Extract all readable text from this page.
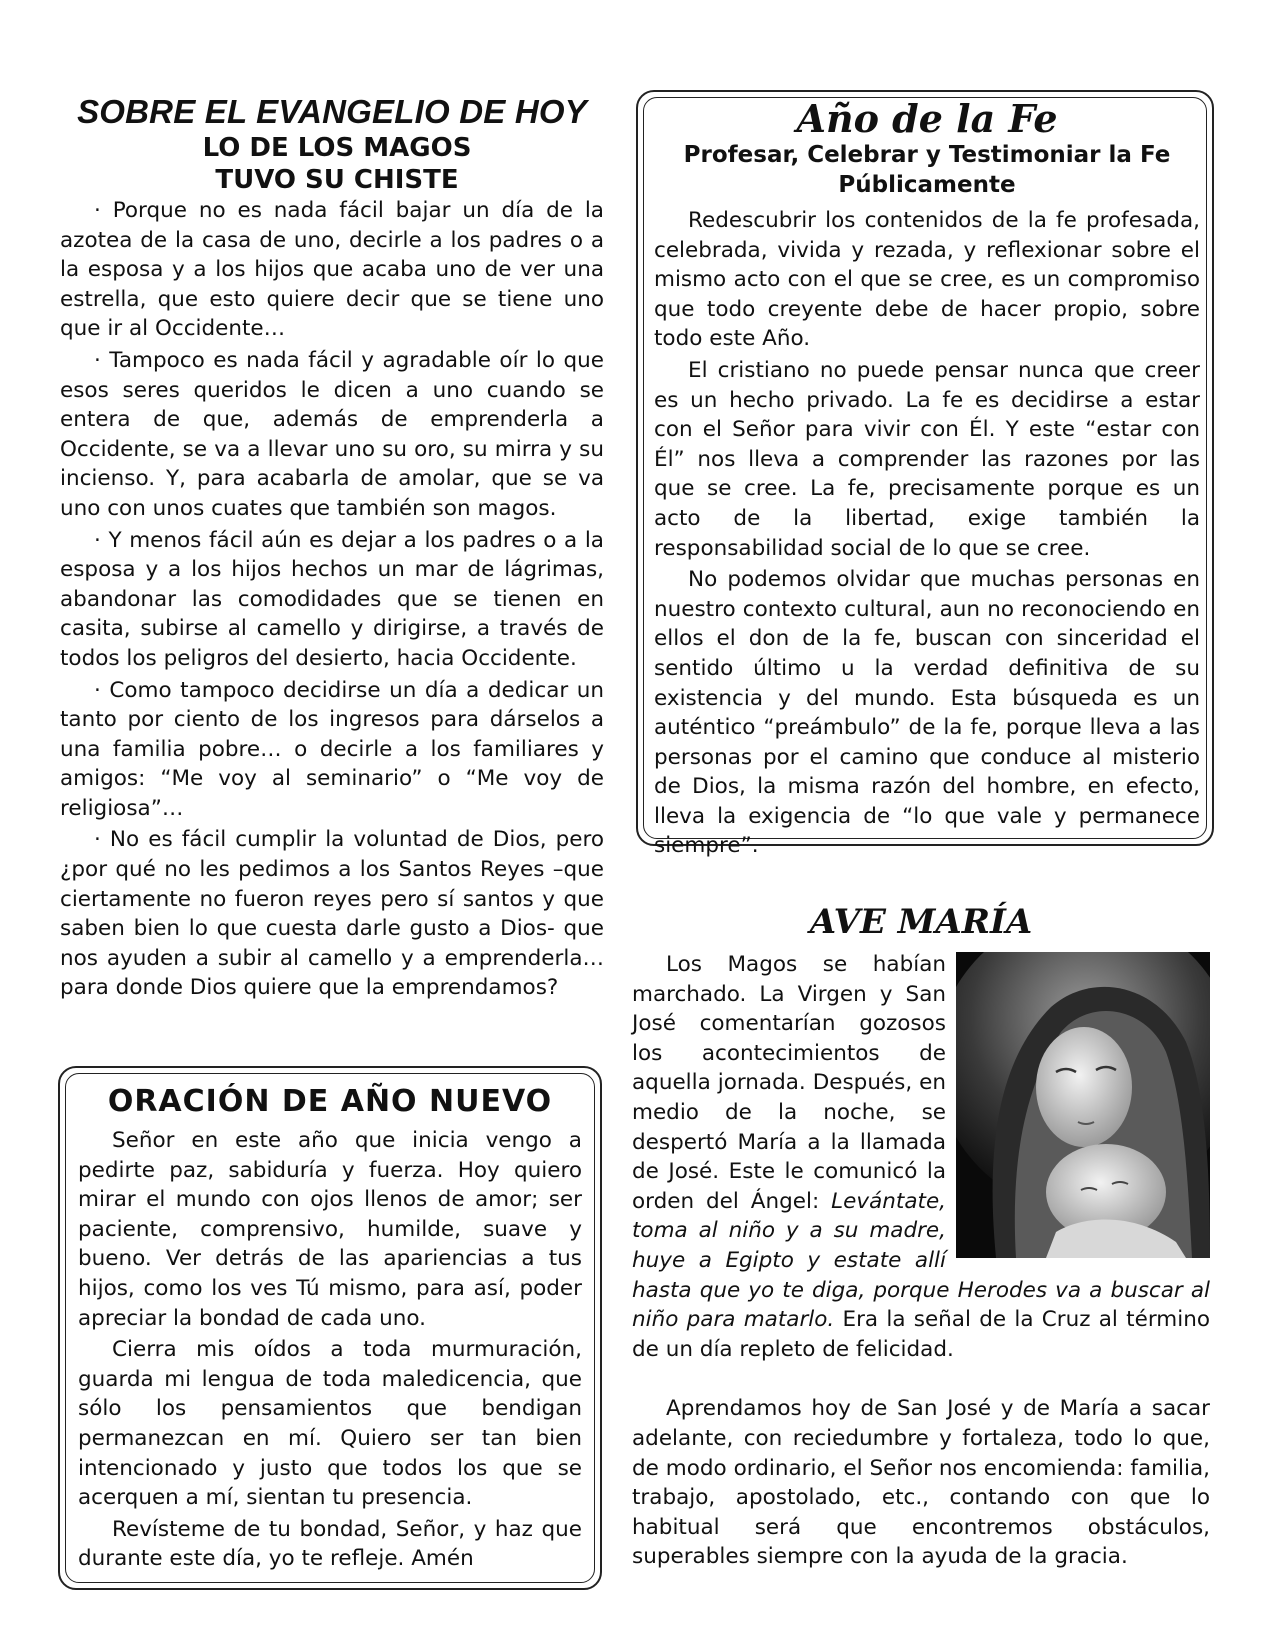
SOBRE EL EVANGELIO DE HOY
LO DE LOS MAGOS
TUVO SU CHISTE

· Porque no es nada fácil bajar un día de la azotea de la casa de uno, decirle a los padres o a la esposa y a los hijos que acaba uno de ver una estrella, que esto quiere decir que se tiene uno que ir al Occidente…

· Tampoco es nada fácil y agradable oír lo que esos seres queridos le dicen a uno cuando se entera de que, además de emprenderla a Occidente, se va a llevar uno su oro, su mirra y su incienso. Y, para acabarla de amolar, que se va uno con unos cuates que también son magos.

· Y menos fácil aún es dejar a los padres o a la esposa y a los hijos hechos un mar de lágrimas, abandonar las comodidades que se tienen en casita, subirse al camello y dirigirse, a través de todos los peligros del desierto, hacia Occidente.

· Como tampoco decidirse un día a dedicar un tanto por ciento de los ingresos para dárselos a una familia pobre… o decirle a los familiares y amigos: “Me voy al seminario” o “Me voy de religiosa”…

· No es fácil cumplir la voluntad de Dios, pero ¿por qué no les pedimos a los Santos Reyes –que ciertamente no fueron reyes pero sí santos y que saben bien lo que cuesta darle gusto a Dios- que nos ayuden a subir al camello y a emprenderla… para donde Dios quiere que la emprendamos?

ORACIÓN DE AÑO NUEVO

Señor en este año que inicia vengo a pedirte paz, sabiduría y fuerza. Hoy quiero mirar el mundo con ojos llenos de amor; ser paciente, comprensivo, humilde, suave y bueno. Ver detrás de las apariencias a tus hijos, como los ves Tú mismo, para así, poder apreciar la bondad de cada uno.

Cierra mis oídos a toda murmuración, guarda mi lengua de toda maledicencia, que sólo los pensamientos que bendigan permanezcan en mí. Quiero ser tan bien intencionado y justo que todos los que se acerquen a mí, sientan tu presencia.

Revísteme de tu bondad, Señor, y haz que durante este día, yo te refleje. Amén

Año de la Fe
Profesar, Celebrar y Testimoniar la Fe Públicamente

Redescubrir los contenidos de la fe profesada, celebrada, vivida y rezada, y reflexionar sobre el mismo acto con el que se cree, es un compromiso que todo creyente debe de hacer propio, sobre todo este Año.

El cristiano no puede pensar nunca que creer es un hecho privado. La fe es decidirse a estar con el Señor para vivir con Él. Y este “estar con Él” nos lleva a comprender las razones por las que se cree. La fe, precisamente porque es un acto de la libertad, exige también la responsabilidad social de lo que se cree.

No podemos olvidar que muchas personas en nuestro contexto cultural, aun no reconociendo en ellos el don de la fe, buscan con sinceridad el sentido último u la verdad definitiva de su existencia y del mundo. Esta búsqueda es un auténtico “preámbulo” de la fe, porque lleva a las personas por el camino que conduce al misterio de Dios, la misma razón del hombre, en efecto, lleva la exigencia de “lo que vale y permanece siempre”.

AVE MARÍA

Los Magos se habían marchado. La Virgen y San José comentarían gozosos los acontecimientos de aquella jornada. Después, en medio de la noche, se despertó María a la llamada de José. Este le comunicó la orden del Ángel: Levántate, toma al niño y a su madre, huye a Egipto y estate allí hasta que yo te diga, porque Herodes va a buscar al niño para matarlo. Era la señal de la Cruz al término de un día repleto de felicidad.

Aprendamos hoy de San José y de María a sacar adelante, con reciedumbre y fortaleza, todo lo que, de modo ordinario, el Señor nos encomienda: familia, trabajo, apostolado, etc., contando con que lo habitual será que encontremos obstáculos, superables siempre con la ayuda de la gracia.
